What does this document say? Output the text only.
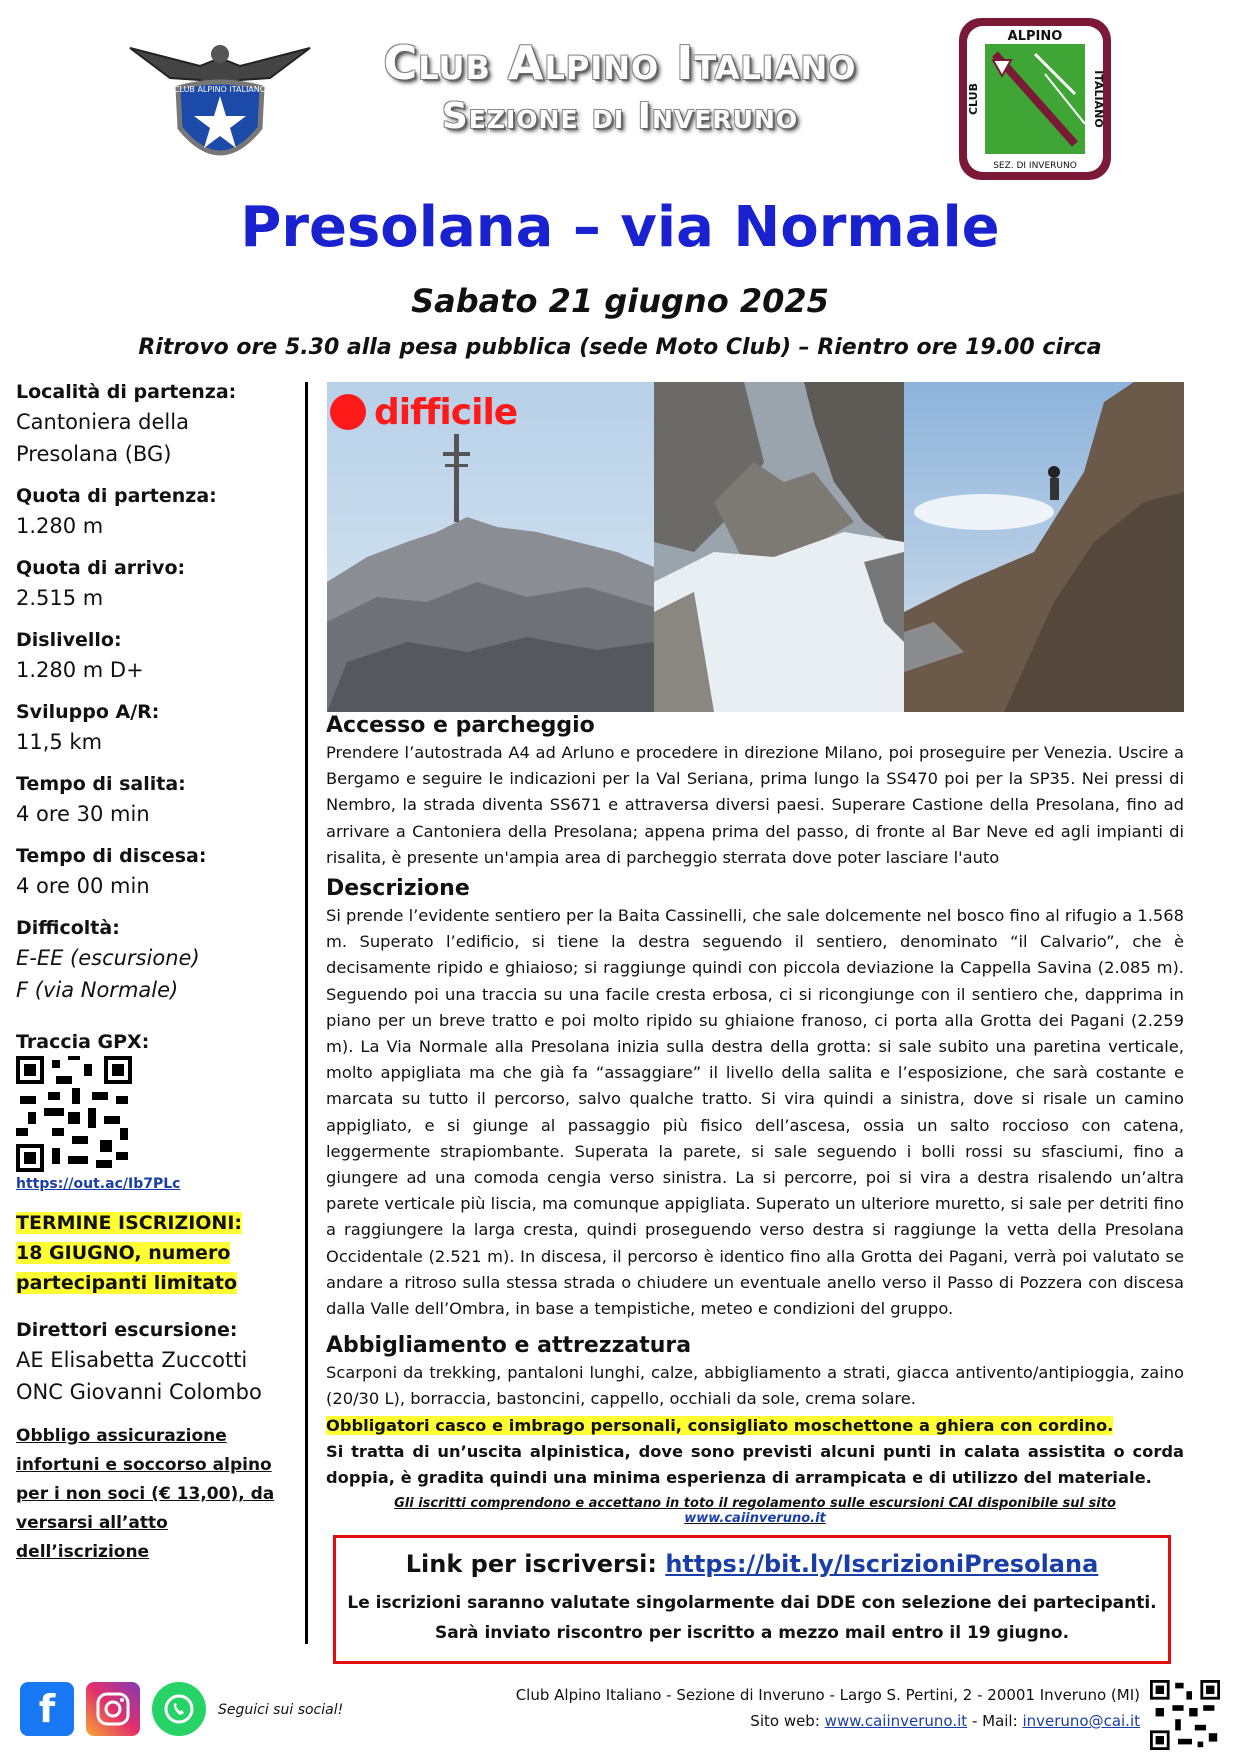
CLUB ALPINO ITALIANO
ALPINO
SEZ. DI INVERUNO
CLUB	ITALIANO
Club Alpino Italiano
Sezione di Inveruno
Presolana – via Normale
Sabato 21 giugno 2025
Ritrovo ore 5.30 alla pesa pubblica (sede Moto Club) – Rientro ore 19.00 circa
Località di partenza:
Cantoniera della Presolana (BG)
Quota di partenza:
1.280 m
Quota di arrivo:
2.515 m
Dislivello:
1.280 m D+
Sviluppo A/R:
11,5 km
Tempo di salita:
4 ore 30 min
Tempo di discesa:
4 ore 00 min
Difficoltà:
E-EE (escursione)
F (via Normale)
Traccia GPX:
https://out.ac/Ib7PLc
TERMINE ISCRIZIONI:
18 GIUGNO, numero partecipanti limitato
Direttori escursione:
AE Elisabetta Zuccotti
ONC Giovanni Colombo
Obbligo assicurazione infortuni e soccorso alpino per i non soci (€ 13,00), da versarsi all’atto dell’iscrizione
difficile
Accesso e parcheggio

Prendere l’autostrada A4 ad Arluno e procedere in direzione Milano, poi proseguire per Venezia. Uscire a Bergamo e seguire le indicazioni per la Val Seriana, prima lungo la SS470 poi per la SP35. Nei pressi di Nembro, la strada diventa SS671 e attraversa diversi paesi. Superare Castione della Presolana, fino ad arrivare a Cantoniera della Presolana; appena prima del passo, di fronte al Bar Neve ed agli impianti di risalita, è presente un'ampia area di parcheggio sterrata dove poter lasciare l'auto

Descrizione

Si prende l’evidente sentiero per la Baita Cassinelli, che sale dolcemente nel bosco fino al rifugio a 1.568 m. Superato l’edificio, si tiene la destra seguendo il sentiero, denominato “il Calvario”, che è decisamente ripido e ghiaioso; si raggiunge quindi con piccola deviazione la Cappella Savina (2.085 m). Seguendo poi una traccia su una facile cresta erbosa, ci si ricongiunge con il sentiero che, dapprima in piano per un breve tratto e poi molto ripido su ghiaione franoso, ci porta alla Grotta dei Pagani (2.259 m). La Via Normale alla Presolana inizia sulla destra della grotta: si sale subito una paretina verticale, molto appigliata ma che già fa “assaggiare” il livello della salita e l’esposizione, che sarà costante e marcata su tutto il percorso, salvo qualche tratto. Si vira quindi a sinistra, dove si risale un camino appigliato, e si giunge al passaggio più fisico dell’ascesa, ossia un salto roccioso con catena, leggermente strapiombante. Superata la parete, si sale seguendo i bolli rossi su sfasciumi, fino a giungere ad una comoda cengia verso sinistra. La si percorre, poi si vira a destra risalendo un’altra parete verticale più liscia, ma comunque appigliata. Superato un ulteriore muretto, si sale per detriti fino a raggiungere la larga cresta, quindi proseguendo verso destra si raggiunge la vetta della Presolana Occidentale (2.521 m). In discesa, il percorso è identico fino alla Grotta dei Pagani, verrà poi valutato se andare a ritroso sulla stessa strada o chiudere un eventuale anello verso il Passo di Pozzera con discesa dalla Valle dell’Ombra, in base a tempistiche, meteo e condizioni del gruppo.

Abbigliamento e attrezzatura

Scarponi da trekking, pantaloni lunghi, calze, abbigliamento a strati, giacca antivento/antipioggia, zaino (20/30 L), borraccia, bastoncini, cappello, occhiali da sole, crema solare.

Obbligatori casco e imbrago personali, consigliato moschettone a ghiera con cordino.

Si tratta di un’uscita alpinistica, dove sono previsti alcuni punti in calata assistita o corda doppia, è gradita quindi una minima esperienza di arrampicata e di utilizzo del materiale.

Gli iscritti comprendono e accettano in toto il regolamento sulle escursioni CAI disponibile sul sito www.caiinveruno.it
Link per iscriversi: https://bit.ly/IscrizioniPresolana
Le iscrizioni saranno valutate singolarmente dai DDE con selezione dei partecipanti.
Sarà inviato riscontro per iscritto a mezzo mail entro il 19 giugno.
f	Seguici sui social!
Club Alpino Italiano - Sezione di Inveruno - Largo S. Pertini, 2 - 20001 Inveruno (MI)
Sito web: www.caiinveruno.it - Mail: inveruno@cai.it
